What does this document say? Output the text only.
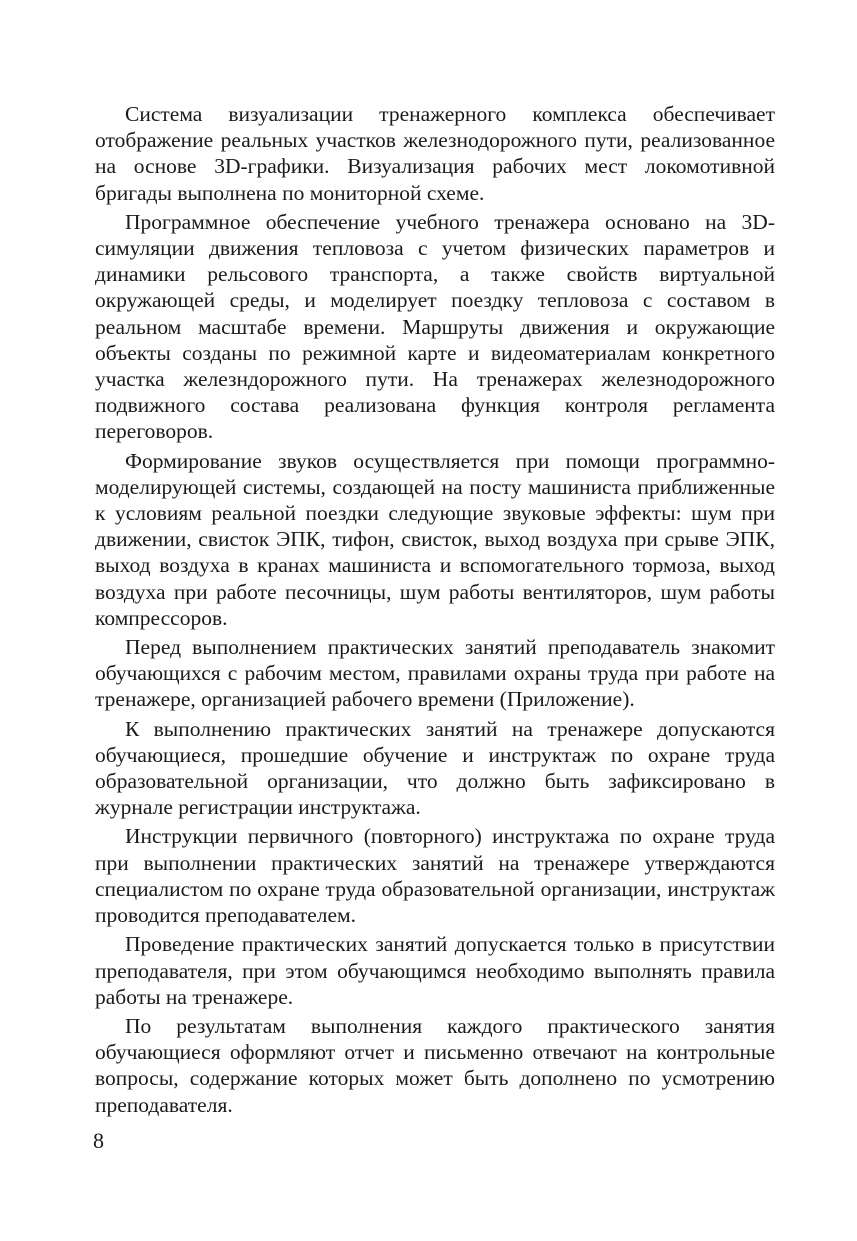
Система визуализации тренажерного комплекса обеспечивает отображение реальных участков железнодорожного пути, реализованное на основе 3D-графики. Визуализация рабочих мест локомотивной бригады выполнена по мониторной схеме.

Программное обеспечение учебного тренажера основано на 3D-симуляции движения тепловоза с учетом физических параметров и динамики рельсового транспорта, а также свойств виртуальной окружающей среды, и моделирует поездку тепловоза с составом в реальном масштабе времени. Маршруты движения и окружающие объекты созданы по режимной карте и видеоматериалам конкретного участка железндорожного пути. На тренажерах железнодорожного подвижного состава реализована функция контроля регламента переговоров.

Формирование звуков осуществляется при помощи программно-моделирующей системы, создающей на посту машиниста приближенные к условиям реальной поездки следующие звуковые эффекты: шум при движении, свисток ЭПК, тифон, свисток, выход воздуха при срыве ЭПК, выход воздуха в кранах машиниста и вспомогательного тормоза, выход воздуха при работе песочницы, шум работы вентиляторов, шум работы компрессоров.

Перед выполнением практических занятий преподаватель знакомит обучающихся с рабочим местом, правилами охраны труда при работе на тренажере, организацией рабочего времени (Приложение).

К выполнению практических занятий на тренажере допускаются обучающиеся, прошедшие обучение и инструктаж по охране труда образовательной организации, что должно быть зафиксировано в журнале регистрации инструктажа.

Инструкции первичного (повторного) инструктажа по охране труда при выполнении практических занятий на тренажере утверждаются специалистом по охране труда образовательной организации, инструктаж проводится преподавателем.

Проведение практических занятий допускается только в присутствии преподавателя, при этом обучающимся необходимо выполнять правила работы на тренажере.

По результатам выполнения каждого практического занятия обучающиеся оформляют отчет и письменно отвечают на контрольные вопросы, содержание которых может быть дополнено по усмотрению преподавателя.

8
